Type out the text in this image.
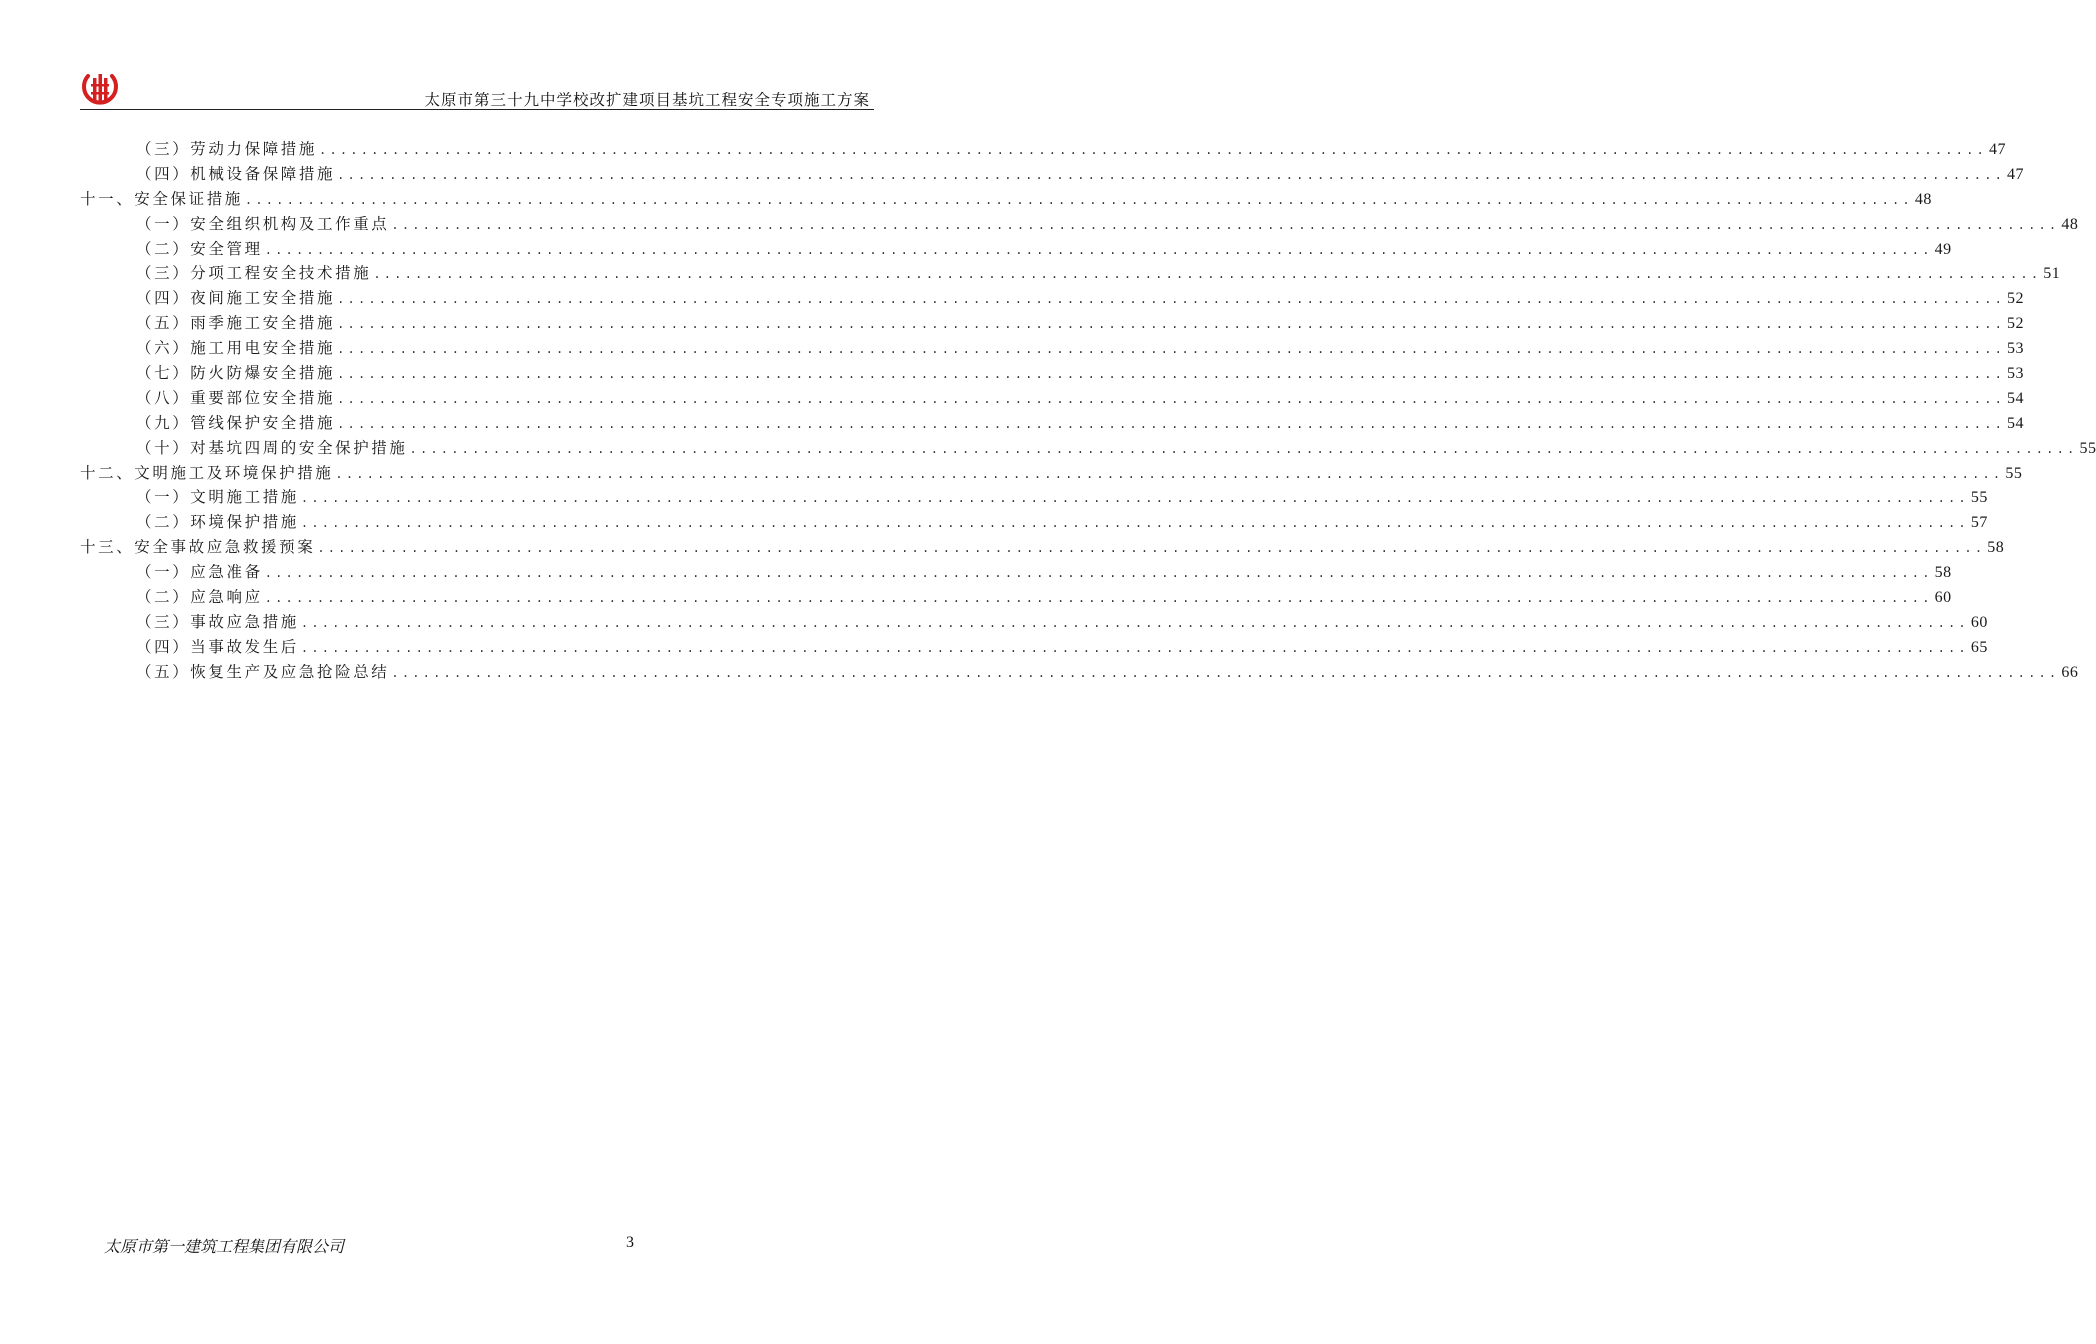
太原市第三十九中学校改扩建项目基坑工程安全专项施工方案
（三）劳动力保障措施 ................................................................................................................................................................ 47
（四）机械设备保障措施 ................................................................................................................................................................ 47
十一、安全保证措施 ................................................................................................................................................................ 48
（一）安全组织机构及工作重点 ................................................................................................................................................................ 48
（二）安全管理 ................................................................................................................................................................ 49
（三）分项工程安全技术措施 ................................................................................................................................................................ 51
（四）夜间施工安全措施 ................................................................................................................................................................ 52
（五）雨季施工安全措施 ................................................................................................................................................................ 52
（六）施工用电安全措施 ................................................................................................................................................................ 53
（七）防火防爆安全措施 ................................................................................................................................................................ 53
（八）重要部位安全措施 ................................................................................................................................................................ 54
（九）管线保护安全措施 ................................................................................................................................................................ 54
（十）对基坑四周的安全保护措施 ................................................................................................................................................................ 55
十二、文明施工及环境保护措施 ................................................................................................................................................................ 55
（一）文明施工措施 ................................................................................................................................................................ 55
（二）环境保护措施 ................................................................................................................................................................ 57
十三、安全事故应急救援预案 ................................................................................................................................................................ 58
（一）应急准备 ................................................................................................................................................................ 58
（二）应急响应 ................................................................................................................................................................ 60
（三）事故应急措施 ................................................................................................................................................................ 60
（四）当事故发生后 ................................................................................................................................................................ 65
（五）恢复生产及应急抢险总结 ................................................................................................................................................................ 66
太原市第一建筑工程集团有限公司	3
